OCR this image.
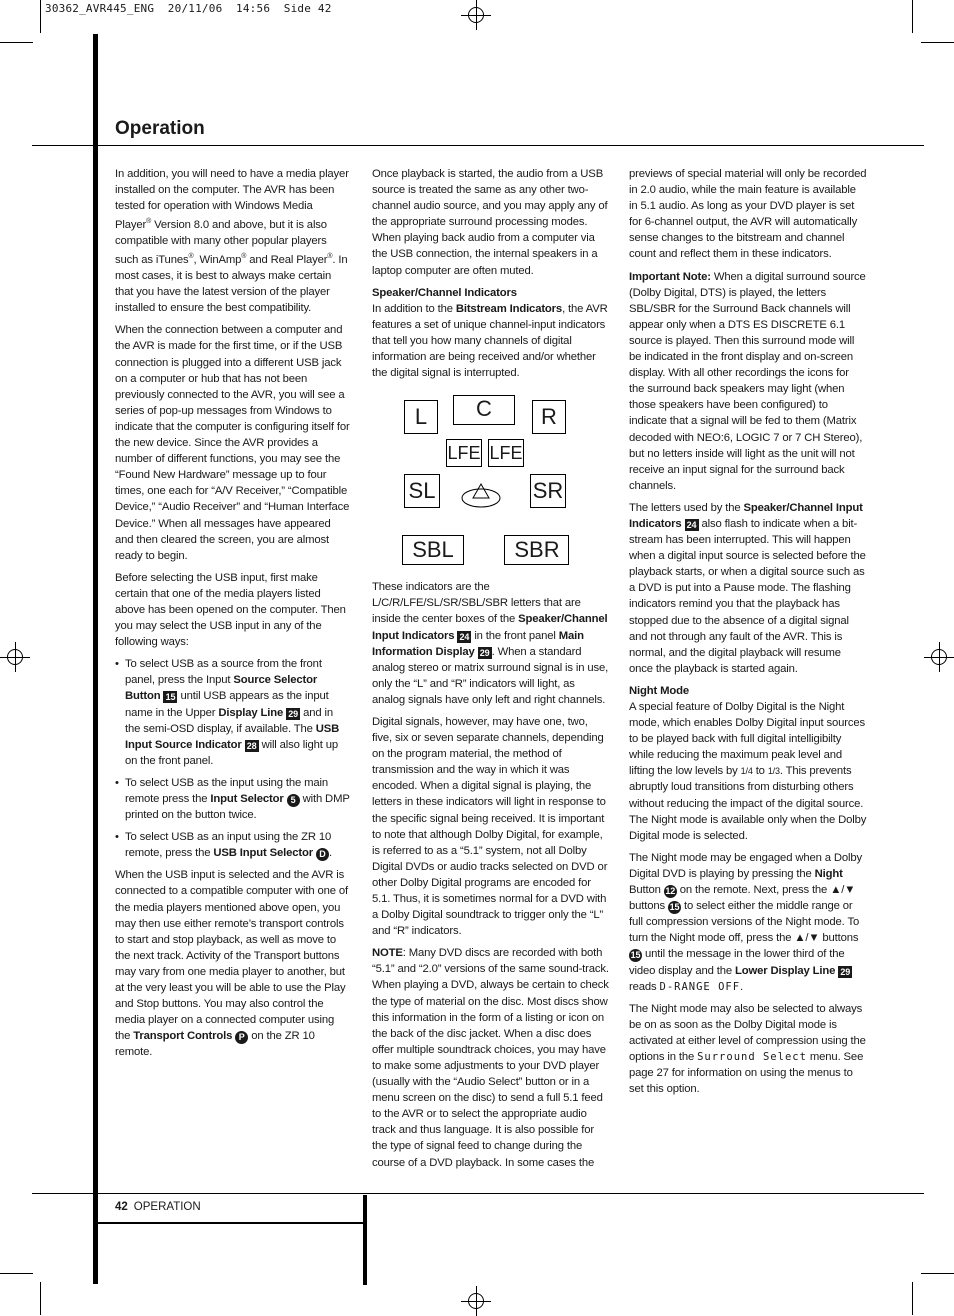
30362_AVR445_ENG  20/11/06  14:56  Side 42
Operation

In addition, you will need to have a media player installed on the computer. The AVR has been tested for operation with Windows Media Player® Version 8.0 and above, but it is also compatible with many other popular players such as iTunes®, WinAmp® and Real Player®. In most cases, it is best to always make certain that you have the latest version of the player installed to ensure the best compatibility.

When the connection between a computer and the AVR is made for the first time, or if the USB connection is plugged into a different USB jack on a computer or hub that has not been previously connected to the AVR, you will see a series of pop-up messages from Windows to indicate that the computer is configuring itself for the new device. Since the AVR provides a number of different functions, you may see the “Found New Hardware” message up to four times, one each for “A/V Receiver,” “Compatible Device,” “Audio Receiver” and “Human Interface Device.” When all messages have appeared and then cleared the screen, you are almost ready to begin.

Before selecting the USB input, first make certain that one of the media players listed above has been opened on the computer. Then you may select the USB input in any of the following ways:

• To select USB as a source from the front panel, press the Input Source Selector Button 15 until USB appears as the input name in the Upper Display Line 29 and in the semi-OSD display, if available. The USB Input Source Indicator 28 will also light up on the front panel.
• To select USB as the input using the main remote press the Input Selector 5 with DMP printed on the button twice.
• To select USB as an input using the ZR 10 remote, press the USB Input Selector D .

When the USB input is selected and the AVR is connected to a compatible computer with one of the media players mentioned above open, you may then use either remote’s transport controls to start and stop playback, as well as move to the next track. Activity of the Transport buttons may vary from one media player to another, but at the very least you will be able to use the Play and Stop buttons. You may also control the media player on a connected computer using the Transport Controls P on the ZR 10 remote.

Once playback is started, the audio from a USB source is treated the same as any other two-channel audio source, and you may apply any of the appropriate surround processing modes. When playing back audio from a computer via the USB connection, the internal speakers in a laptop computer are often muted.

Speaker/Channel Indicators

In addition to the Bitstream Indicators, the AVR features a set of unique channel-input indicators that tell you how many channels of digital information are being received and/or whether the digital signal is interrupted.

These indicators are the L/C/R/LFE/SL/SR/SBL/SBR letters that are inside the center boxes of the Speaker/Channel Input Indicators 24 in the front panel Main Information Display 29 . When a standard analog stereo or matrix surround signal is in use, only the “L” and “R” indicators will light, as analog signals have only left and right channels.

Digital signals, however, may have one, two, five, six or seven separate channels, depending on the program material, the method of transmission and the way in which it was encoded. When a digital signal is playing, the letters in these indicators will light in response to the specific signal being received. It is important to note that although Dolby Digital, for example, is referred to as a “5.1” system, not all Dolby Digital DVDs or audio tracks selected on DVD or other Dolby Digital programs are encoded for 5.1. Thus, it is sometimes normal for a DVD with a Dolby Digital soundtrack to trigger only the “L” and “R” indicators.

NOTE: Many DVD discs are recorded with both “5.1” and “2.0” versions of the same sound-track. When playing a DVD, always be certain to check the type of material on the disc. Most discs show this information in the form of a listing or icon on the back of the disc jacket. When a disc does offer multiple soundtrack choices, you may have to make some adjustments to your DVD player (usually with the “Audio Select” button or in a menu screen on the disc) to send a full 5.1 feed to the AVR or to select the appropriate audio track and thus language. It is also possible for the type of signal feed to change during the course of a DVD playback. In some cases the

L	C	R
LFE LFE
SL	SR
SBL	SBR

previews of special material will only be recorded in 2.0 audio, while the main feature is available in 5.1 audio. As long as your DVD player is set for 6-channel output, the AVR will automatically sense changes to the bitstream and channel count and reflect them in these indicators.

Important Note: When a digital surround source (Dolby Digital, DTS) is played, the letters SBL/SBR for the Surround Back channels will appear only when a DTS ES DISCRETE 6.1 source is played. Then this surround mode will be indicated in the front display and on-screen display. With all other recordings the icons for the surround back speakers may light (when those speakers have been configured) to indicate that a signal will be fed to them (Matrix decoded with NEO:6, LOGIC 7 or 7 CH Stereo), but no letters inside will light as the unit will not receive an input signal for the surround back channels.

The letters used by the Speaker/Channel Input Indicators 24 also flash to indicate when a bit-stream has been interrupted. This will happen when a digital input source is selected before the playback starts, or when a digital source such as a DVD is put into a Pause mode. The flashing indicators remind you that the playback has stopped due to the absence of a digital signal and not through any fault of the AVR. This is normal, and the digital playback will resume once the playback is started again.

Night Mode

A special feature of Dolby Digital is the Night mode, which enables Dolby Digital input sources to be played back with full digital intelligibilty while reducing the maximum peak level and lifting the low levels by 1/4 to 1/3. This prevents abruptly loud transitions from disturbing others without reducing the impact of the digital source. The Night mode is available only when the Dolby Digital mode is selected.

The Night mode may be engaged when a Dolby Digital DVD is playing by pressing the Night Button 12 on the remote. Next, press the ▲/▼ buttons 15 to select either the middle range or full compression versions of the Night mode. To turn the Night mode off, press the ▲/▼ buttons 15 until the message in the lower third of the video display and the Lower Display Line 29 reads D-RANGE OFF.

The Night mode may also be selected to always be on as soon as the Dolby Digital mode is activated at either level of compression using the options in the Surround Select menu. See page 27 for information on using the menus to set this option.

42 OPERATION
